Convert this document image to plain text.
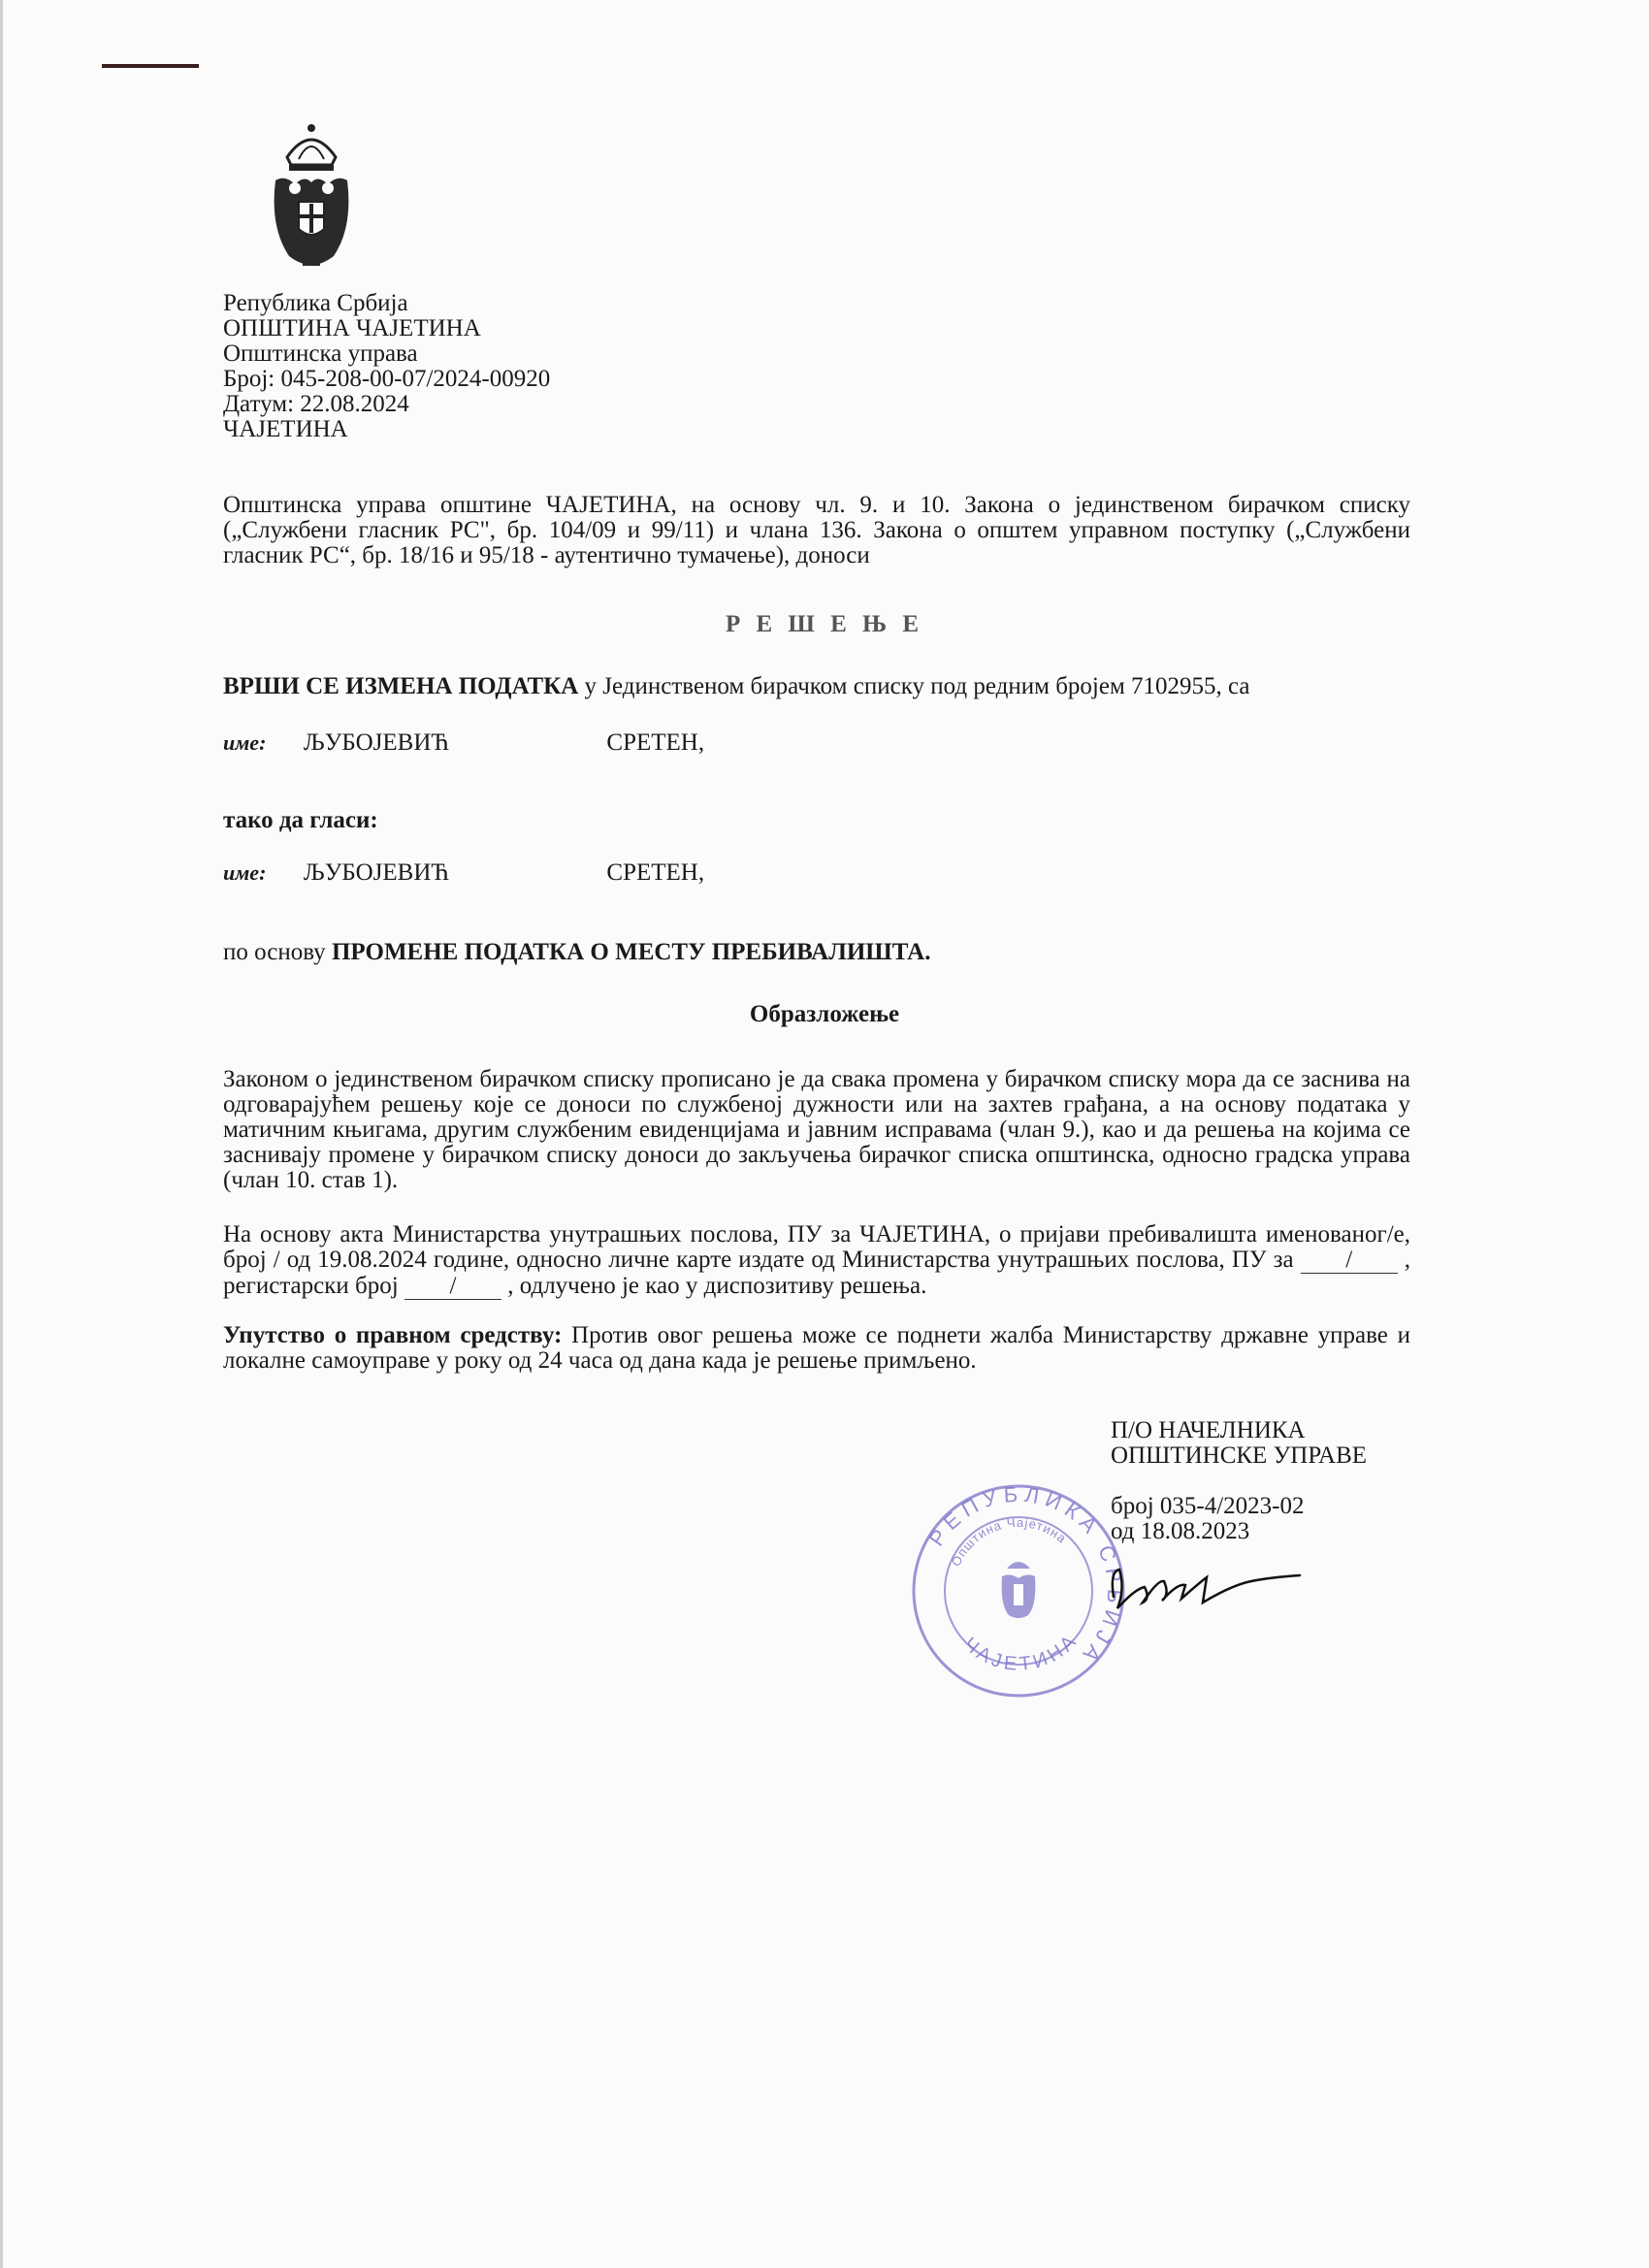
Република Србија
ОПШТИНА ЧАЈЕТИНА
Општинска управа
Број: 045-208-00-07/2024-00920
Датум: 22.08.2024
ЧАЈЕТИНА
Општинска управа општине ЧАЈЕТИНА, на основу чл. 9. и 10. Закона о јединственом бирачком списку („Службени гласник РС", бр. 104/09 и 99/11) и члана 136. Закона о општем управном поступку („Службени гласник РС“, бр. 18/16 и 95/18 - аутентично тумачење), доноси
Р Е Ш Е Њ Е
ВРШИ СЕ ИЗМЕНА ПОДАТКА у Јединственом бирачком списку под редним бројем 7102955, са
име: ЉУБОЈЕВИЋ	СРЕТЕН,
тако да гласи:
име: ЉУБОЈЕВИЋ	СРЕТЕН,
по основу ПРОМЕНЕ ПОДАТКА О МЕСТУ ПРЕБИВАЛИШТА.
Образложење
Законом о јединственом бирачком списку прописано је да свака промена у бирачком списку мора да се заснива на одговарајућем решењу које се доноси по службеној дужности или на захтев грађана, а на основу података у матичним књигама, другим службеним евиденцијама и јавним исправама (члан 9.), као и да решења на којима се заснивају промене у бирачком списку доноси до закључења бирачког списка општинска, односно градска управа (члан 10. став 1).
На основу акта Министарства унутрашњих послова, ПУ за ЧАЈЕТИНА, о пријави пребивалишта именованог/е, број / од 19.08.2024 године, односно личне карте издате од Министарства унутрашњих послова, ПУ за / , регистарски број / , одлучено је као у диспозитиву решења.
Упутство о правном средству: Против овог решења може се поднети жалба Министарству државне управе и локалне самоуправе у року од 24 часа од дана када је решење примљено.
П/О НАЧЕЛНИКА
ОПШТИНСКЕ УПРАВЕ
број 035-4/2023-02
од 18.08.2023
РЕПУБЛИКА СРБИЈА
Општина Чајетина
ЧАЈЕТИНА
